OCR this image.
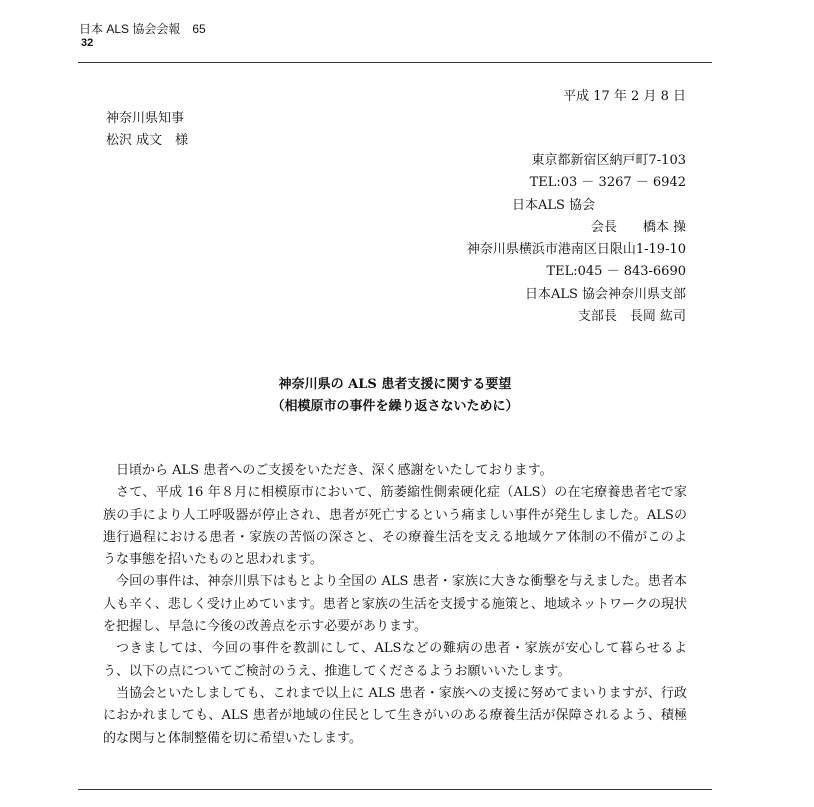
日本 ALS 協会会報　65
32
平成 17 年 2 月 8 日
神奈川県知事
松沢 成文　様
東京都新宿区納戸町7-103
TEL:03 － 3267 － 6942
日本ALS 協会　　　　　　　
会長　　橋本 操
神奈川県横浜市港南区日限山1-19-10
TEL:045 － 843-6690
日本ALS 協会神奈川県支部
支部長　長岡 紘司
神奈川県の ALS 患者支援に関する要望
（相模原市の事件を繰り返さないために）

日頃から ALS 患者へのご支援をいただき、深く感謝をいたしております。

さて、平成 16 年８月に相模原市において、筋萎縮性側索硬化症（ALS）の在宅療養患者宅で家族の手により人工呼吸器が停止され、患者が死亡するという痛ましい事件が発生しました。ALSの進行過程における患者・家族の苦悩の深さと、その療養生活を支える地域ケア体制の不備がこのような事態を招いたものと思われます。

今回の事件は、神奈川県下はもとより全国の ALS 患者・家族に大きな衝撃を与えました。患者本人も辛く、悲しく受け止めています。患者と家族の生活を支援する施策と、地域ネットワークの現状を把握し、早急に今後の改善点を示す必要があります。

つきましては、今回の事件を教訓にして、ALSなどの難病の患者・家族が安心して暮らせるよう、以下の点についてご検討のうえ、推進してくださるようお願いいたします。

当協会といたしましても、これまで以上に ALS 患者・家族への支援に努めてまいりますが、行政におかれましても、ALS 患者が地域の住民として生きがいのある療養生活が保障されるよう、積極的な関与と体制整備を切に希望いたします。
